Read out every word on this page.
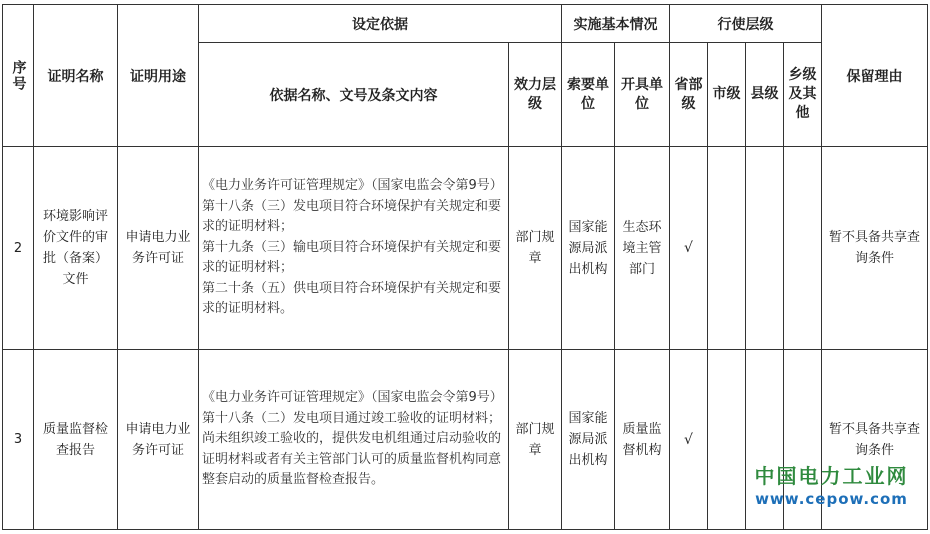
序号	证明名称	证明用途	设定依据		实施基本情况		行使层级				保留理由
			依据名称、文号及条文内容	效力层级	索要单位	开具单位	省部级	市级	县级	乡级及其他	
2	环境影响评价文件的审批（备案）文件	申请电力业务许可证	《电力业务许可证管理规定》（国家电监会令第9号）
第十八条（三）发电项目符合环境保护有关规定和要求的证明材料；
第十九条（三）输电项目符合环境保护有关规定和要求的证明材料；
第二十条（五）供电项目符合环境保护有关规定和要求的证明材料。	部门规章	国家能源局派出机构	生态环境主管部门	√				暂不具备共享查询条件
3	质量监督检查报告	申请电力业务许可证	《电力业务许可证管理规定》（国家电监会令第9号）
第十八条（二）发电项目通过竣工验收的证明材料；尚未组织竣工验收的，提供发电机组通过启动验收的证明材料或者有关主管部门认可的质量监督机构同意整套启动的质量监督检查报告。	部门规章	国家能源局派出机构	质量监督机构	√				暂不具备共享查询条件
中国电力工业网
www.cepow.com
